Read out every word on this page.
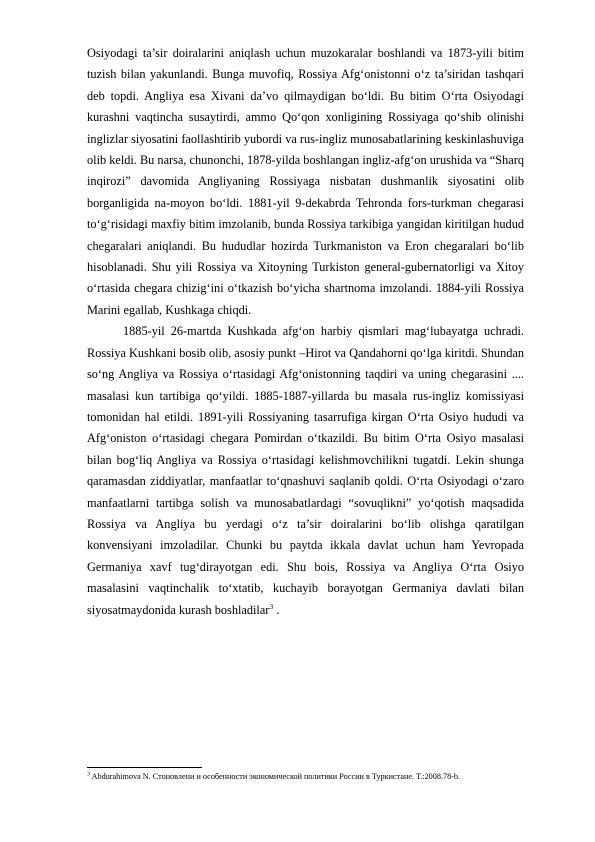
Osiyodagi ta’sir doiralarini aniqlash uchun muzokaralar boshlandi va 1873-yili bitim tuzish bilan yakunlandi. Bunga muvofiq, Rossiya Afg‘onistonni o‘z ta’siridan tashqari deb topdi. Angliya esa Xivani da’vo qilmaydigan bo‘ldi. Bu bitim O‘rta Osiyodagi kurashni vaqtincha susaytirdi, ammo Qo‘qon xonligining Rossiyaga qo‘shib olinishi inglizlar siyosatini faollashtirib yubordi va rus-ingliz munosabatlarining keskinlashuviga olib keldi. Bu narsa, chunonchi, 1878-yilda boshlangan ingliz-afg‘on urushida va “Sharq inqirozi” davomida Angliyaning Rossiyaga nisbatan dushmanlik siyosatini olib borganligida na-moyon bo‘ldi. 1881-yil 9-dekabrda Tehronda fors-turkman chegarasi to‘g‘risidagi maxfiy bitim imzolanib, bunda Rossiya tarkibiga yangidan kiritilgan hudud chegaralari aniqlandi. Bu hududlar hozirda Turkmaniston va Eron chegaralari bo‘lib hisoblanadi. Shu yili Rossiya va Xitoyning Turkiston general-gubernatorligi va Xitoy o‘rtasida chegara chizig‘ini o‘tkazish bo‘yicha shartnoma imzolandi. 1884-yili Rossiya Marini egallab, Kushkaga chiqdi.

1885-yil 26-martda Kushkada afg‘on harbiy qismlari mag‘lubayatga uchradi. Rossiya Kushkani bosib olib, asosiy punkt –Hirot va Qandahorni qo‘lga kiritdi. Shundan so‘ng Angliya va Rossiya o‘rtasidagi Afg‘onistonning taqdiri va uning chegarasini .... masalasi kun tartibiga qo‘yildi. 1885-1887-yillarda bu masala rus-ingliz komissiyasi tomonidan hal etildi. 1891-yili Rossiyaning tasarrufiga kirgan O‘rta Osiyo hududi va Afg‘oniston o‘rtasidagi chegara Pomirdan o‘tkazildi. Bu bitim O‘rta Osiyo masalasi bilan bog‘liq Angliya va Rossiya o‘rtasidagi kelishmovchilikni tugatdi. Lekin shunga qaramasdan ziddiyatlar, manfaatlar to‘qnashuvi saqlanib qoldi. O‘rta Osiyodagi o‘zaro manfaatlarni tartibga solish va munosabatlardagi “sovuqlikni” yo‘qotish maqsadida Rossiya va Angliya bu yerdagi o‘z ta’sir doiralarini bo‘lib olishga qaratilgan konvensiyani imzoladilar. Chunki bu paytda ikkala davlat uchun ham Yevropada Germaniya xavf tug‘dirayotgan edi. Shu bois, Rossiya va Angliya O‘rta Osiyo masalasini vaqtinchalik to‘xtatib, kuchayib borayotgan Germaniya davlati bilan siyosatmaydonida kurash boshladilar$^3$ .

$^3$ Abdurahimova N. Стоновлени и особенности экономической политики России в Туркистане. Т.:2008.78-b.
